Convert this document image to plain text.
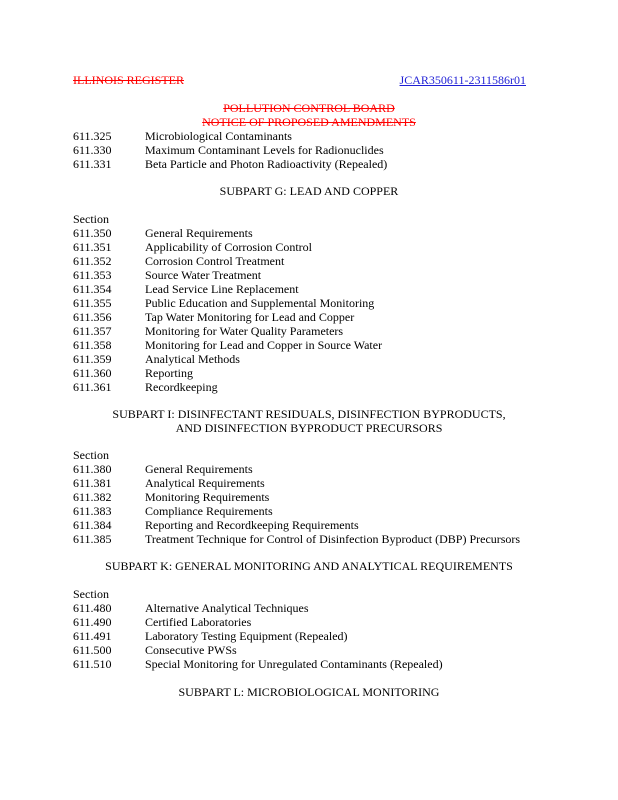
ILLINOIS REGISTER	JCAR350611-2311586r01
POLLUTION CONTROL BOARD
NOTICE OF PROPOSED AMENDMENTS
611.325	Microbiological Contaminants
611.330	Maximum Contaminant Levels for Radionuclides
611.331	Beta Particle and Photon Radioactivity (Repealed)
SUBPART G: LEAD AND COPPER
Section
611.350	General Requirements
611.351	Applicability of Corrosion Control
611.352	Corrosion Control Treatment
611.353	Source Water Treatment
611.354	Lead Service Line Replacement
611.355	Public Education and Supplemental Monitoring
611.356	Tap Water Monitoring for Lead and Copper
611.357	Monitoring for Water Quality Parameters
611.358	Monitoring for Lead and Copper in Source Water
611.359	Analytical Methods
611.360	Reporting
611.361	Recordkeeping
SUBPART I: DISINFECTANT RESIDUALS, DISINFECTION BYPRODUCTS,
AND DISINFECTION BYPRODUCT PRECURSORS
Section
611.380	General Requirements
611.381	Analytical Requirements
611.382	Monitoring Requirements
611.383	Compliance Requirements
611.384	Reporting and Recordkeeping Requirements
611.385	Treatment Technique for Control of Disinfection Byproduct (DBP) Precursors
SUBPART K: GENERAL MONITORING AND ANALYTICAL REQUIREMENTS
Section
611.480	Alternative Analytical Techniques
611.490	Certified Laboratories
611.491	Laboratory Testing Equipment (Repealed)
611.500	Consecutive PWSs
611.510	Special Monitoring for Unregulated Contaminants (Repealed)
SUBPART L: MICROBIOLOGICAL MONITORING
